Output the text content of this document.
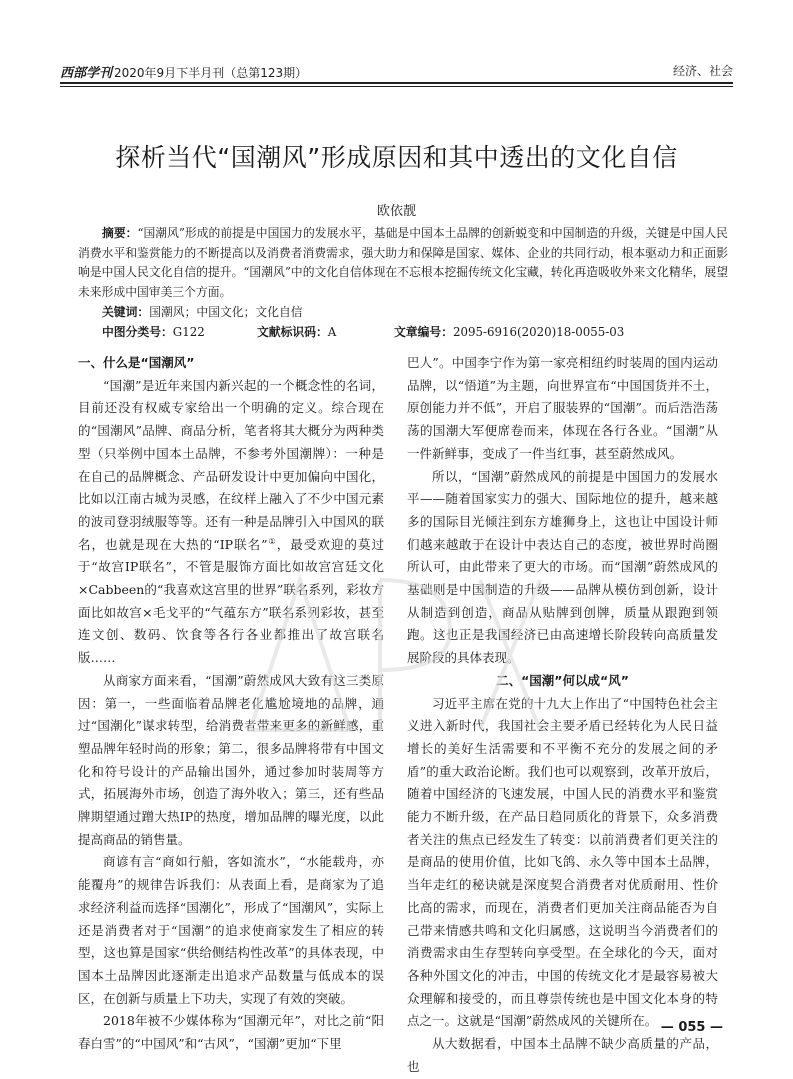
西部学刊 2020年9月下半月刊（总第123期）	经济、社会
探析当代“国潮风”形成原因和其中透出的文化自信
欧依靓
摘要：“国潮风”形成的前提是中国国力的发展水平，基础是中国本土品牌的创新蜕变和中国制造的升级，关键是中国人民消费水平和鉴赏能力的不断提高以及消费者消费需求，强大助力和保障是国家、媒体、企业的共同行动，根本驱动力和正面影响是中国人民文化自信的提升。“国潮风”中的文化自信体现在不忘根本挖掘传统文化宝藏，转化再造吸收外来文化精华，展望未来形成中国审美三个方面。
关键词：国潮风；中国文化；文化自信
中图分类号：G122	文献标识码：A	文章编号：2095-6916(2020)18-0055-03
一、什么是“国潮风”

“国潮”是近年来国内新兴起的一个概念性的名词，目前还没有权威专家给出一个明确的定义。综合现在的“国潮风”品牌、商品分析，笔者将其大概分为两种类型（只举例中国本土品牌，不参考外国潮牌）：一种是在自己的品牌概念、产品研发设计中更加偏向中国化，比如以江南古城为灵感，在纹样上融入了不少中国元素的波司登羽绒服等等。还有一种是品牌引入中国风的联名，也就是现在大热的“IP联名”①，最受欢迎的莫过于“故宫IP联名”，不管是服饰方面比如故宫宫廷文化×Cabbeen的“我喜欢这宫里的世界”联名系列，彩妆方面比如故宫×毛戈平的“气蕴东方”联名系列彩妆，甚至连文创、数码、饮食等各行各业都推出了故宫联名版……

从商家方面来看，“国潮”蔚然成风大致有这三类原因：第一，一些面临着品牌老化尴尬境地的品牌，通过“国潮化”谋求转型，给消费者带来更多的新鲜感，重塑品牌年轻时尚的形象；第二，很多品牌将带有中国文化和符号设计的产品输出国外，通过参加时装周等方式，拓展海外市场，创造了海外收入；第三，还有些品牌期望通过蹭大热IP的热度，增加品牌的曝光度，以此提高商品的销售量。

商谚有言“商如行船，客如流水”，“水能载舟，亦能覆舟”的规律告诉我们：从表面上看，是商家为了追求经济利益而选择“国潮化”，形成了“国潮风”，实际上还是消费者对于“国潮”的追求使商家发生了相应的转型，这也算是国家“供给侧结构性改革”的具体表现，中国本土品牌因此逐渐走出追求产品数量与低成本的误区，在创新与质量上下功夫，实现了有效的突破。

2018年被不少媒体称为“国潮元年”，对比之前“阳春白雪”的“中国风”和“古风”，“国潮”更加“下里

巴人”。中国李宁作为第一家亮相纽约时装周的国内运动品牌，以“悟道”为主题，向世界宣布“中国国货并不土，原创能力并不低”，开启了服装界的“国潮”。而后浩浩荡荡的国潮大军便席卷而来，体现在各行各业。“国潮”从一件新鲜事，变成了一件当红事，甚至蔚然成风。

所以，“国潮”蔚然成风的前提是中国国力的发展水平——随着国家实力的强大、国际地位的提升，越来越多的国际目光倾注到东方雄狮身上，这也让中国设计师们越来越敢于在设计中表达自己的态度，被世界时尚圈所认可，由此带来了更大的市场。而“国潮”蔚然成风的基础则是中国制造的升级——品牌从模仿到创新，设计从制造到创造，商品从贴牌到创牌，质量从跟跑到领跑。这也正是我国经济已由高速增长阶段转向高质量发展阶段的具体表现。

二、“国潮”何以成“风”

习近平主席在党的十九大上作出了“中国特色社会主义进入新时代，我国社会主要矛盾已经转化为人民日益增长的美好生活需要和不平衡不充分的发展之间的矛盾”的重大政治论断。我们也可以观察到，改革开放后，随着中国经济的飞速发展，中国人民的消费水平和鉴赏能力不断升级，在产品日趋同质化的背景下，众多消费者关注的焦点已经发生了转变：以前消费者们更关注的是商品的使用价值，比如飞鸽、永久等中国本土品牌，当年走红的秘诀就是深度契合消费者对优质耐用、性价比高的需求，而现在，消费者们更加关注商品能否为自己带来情感共鸣和文化归属感，这说明当今消费者们的消费需求由生存型转向享受型。在全球化的今天，面对各种外国文化的冲击，中国的传统文化才是最容易被大众理解和接受的，而且尊崇传统也是中国文化本身的特点之一。这就是“国潮”蔚然成风的关键所在。

从大数据看，中国本土品牌不缺少高质量的产品，也

— 055 —
